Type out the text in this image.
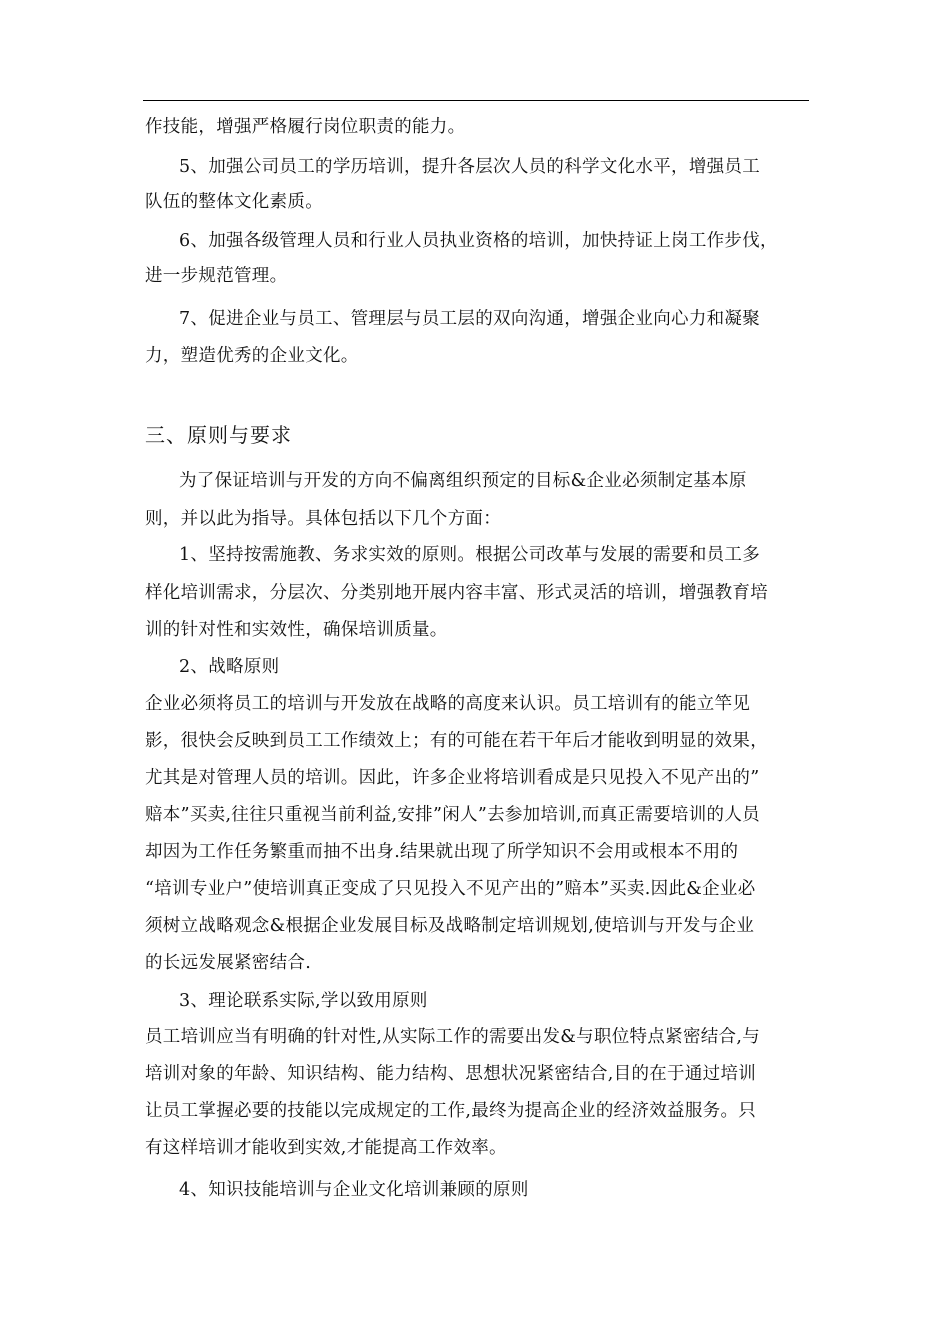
作技能，增强严格履行岗位职责的能力。
5、加强公司员工的学历培训，提升各层次人员的科学文化水平，增强员工
队伍的整体文化素质。
6、加强各级管理人员和行业人员执业资格的培训，加快持证上岗工作步伐，
进一步规范管理。
7、促进企业与员工、管理层与员工层的双向沟通，增强企业向心力和凝聚
力，塑造优秀的企业文化。
三、原则与要求
为了保证培训与开发的方向不偏离组织预定的目标&企业必须制定基本原
则，并以此为指导。具体包括以下几个方面：
1、坚持按需施教、务求实效的原则。根据公司改革与发展的需要和员工多
样化培训需求，分层次、分类别地开展内容丰富、形式灵活的培训，增强教育培
训的针对性和实效性，确保培训质量。
2、战略原则
企业必须将员工的培训与开发放在战略的高度来认识。员工培训有的能立竿见
影，很快会反映到员工工作绩效上；有的可能在若干年后才能收到明显的效果，
尤其是对管理人员的培训。因此，许多企业将培训看成是只见投入不见产出的”
赔本”买卖,往往只重视当前利益,安排”闲人”去参加培训,而真正需要培训的人员
却因为工作任务繁重而抽不出身.结果就出现了所学知识不会用或根本不用的
“培训专业户”使培训真正变成了只见投入不见产出的”赔本”买卖.因此&企业必
须树立战略观念&根据企业发展目标及战略制定培训规划,使培训与开发与企业
的长远发展紧密结合.
3、理论联系实际,学以致用原则
员工培训应当有明确的针对性,从实际工作的需要出发&与职位特点紧密结合,与
培训对象的年龄、知识结构、能力结构、思想状况紧密结合,目的在于通过培训
让员工掌握必要的技能以完成规定的工作,最终为提高企业的经济效益服务。只
有这样培训才能收到实效,才能提高工作效率。
4、知识技能培训与企业文化培训兼顾的原则
